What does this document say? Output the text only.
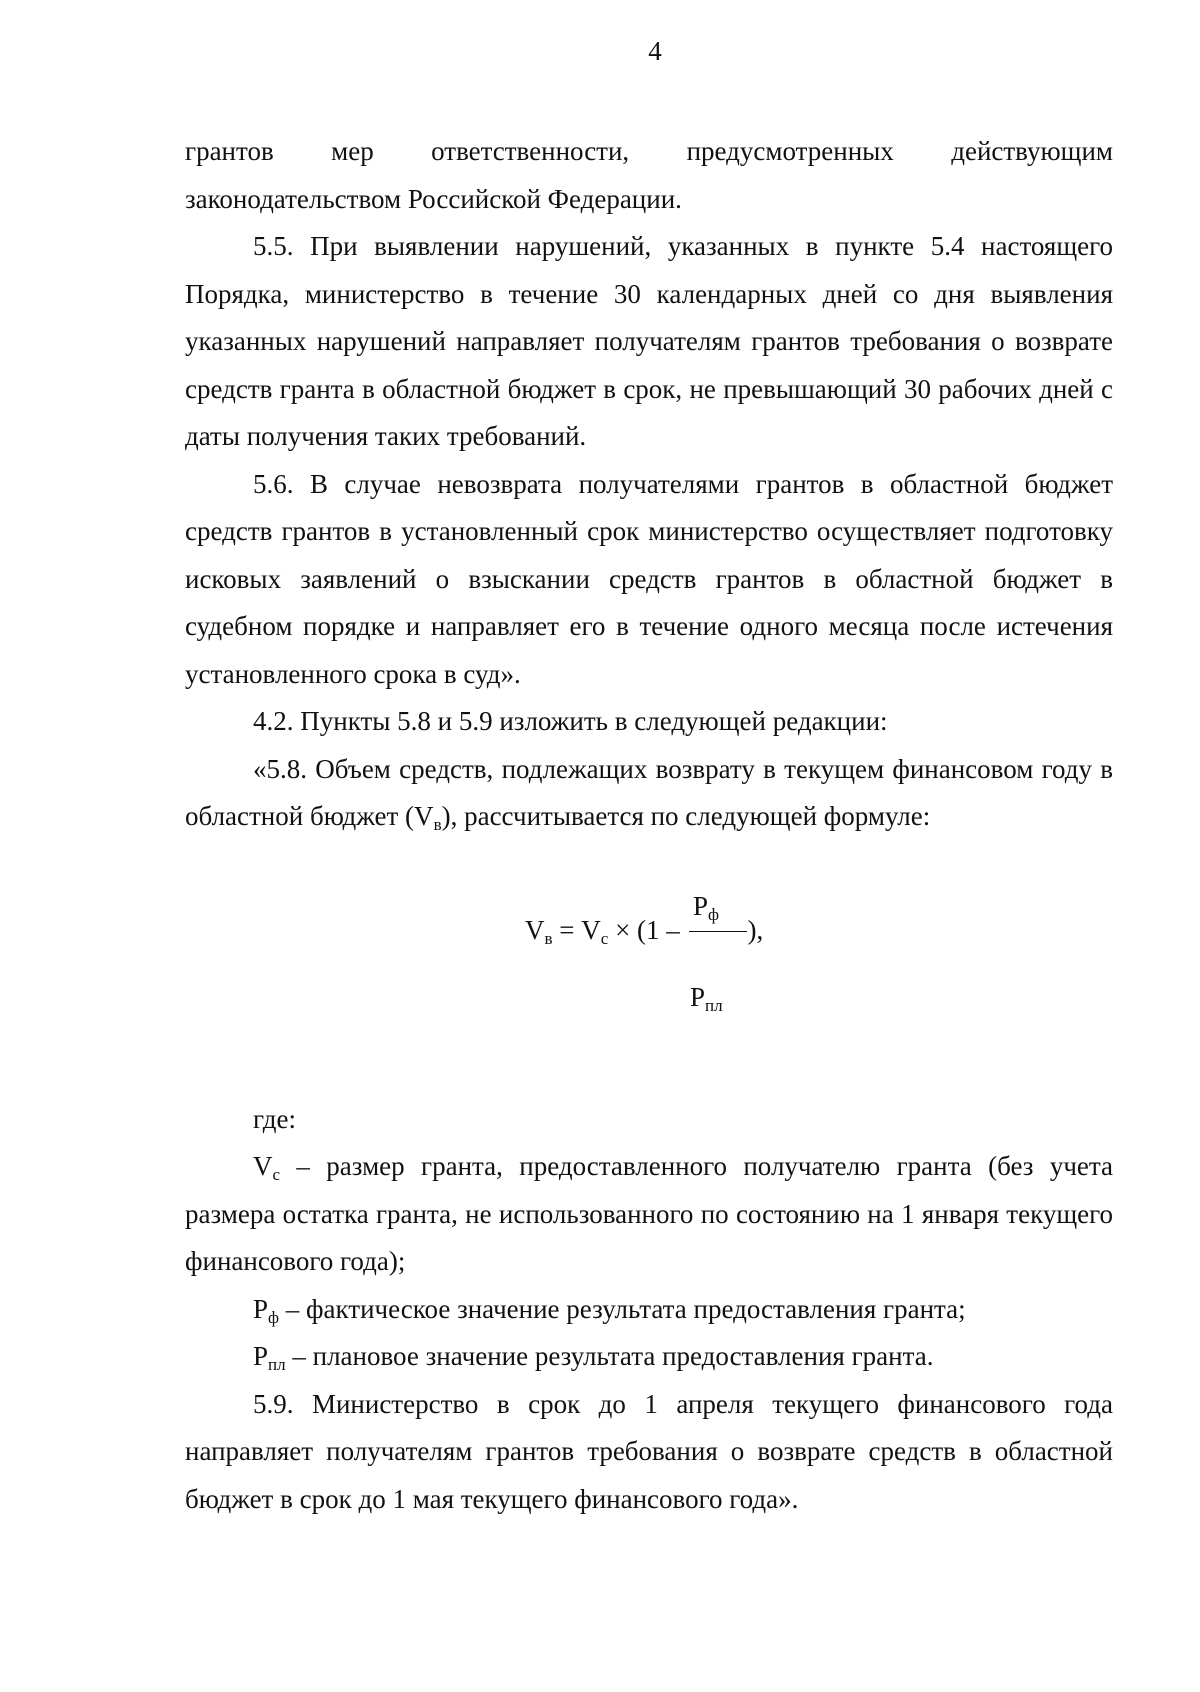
4

грантов мер ответственности, предусмотренных действующим

законодательством Российской Федерации.

5.5. При выявлении нарушений, указанных в пункте 5.4 настоящего Порядка, министерство в течение 30 календарных дней со дня выявления указанных нарушений направляет получателям грантов требования о возврате средств гранта в областной бюджет в срок, не превышающий 30 рабочих дней с даты получения таких требований.

5.6. В случае невозврата получателями грантов в областной бюджет средств грантов в установленный срок министерство осуществляет подготовку исковых заявлений о взыскании средств грантов в областной бюджет в судебном порядке и направляет его в течение одного месяца после истечения установленного срока в суд».

4.2. Пункты 5.8 и 5.9 изложить в следующей редакции:

«5.8. Объем средств, подлежащих возврату в текущем финансовом году в областной бюджет $(V_в)$, рассчитывается по следующей формуле:

$Р_ф$
$V_в = V_с \times (1$ – ),
$Р_{пл}$

где:

$V_с$ – размер гранта, предоставленного получателю гранта (без учета размера остатка гранта, не использованного по состоянию на 1 января текущего финансового года);

$Р_ф$ – фактическое значение результата предоставления гранта;

$Р_{пл}$ – плановое значение результата предоставления гранта.

5.9. Министерство в срок до 1 апреля текущего финансового года направляет получателям грантов требования о возврате средств в областной бюджет в срок до 1 мая текущего финансового года».
